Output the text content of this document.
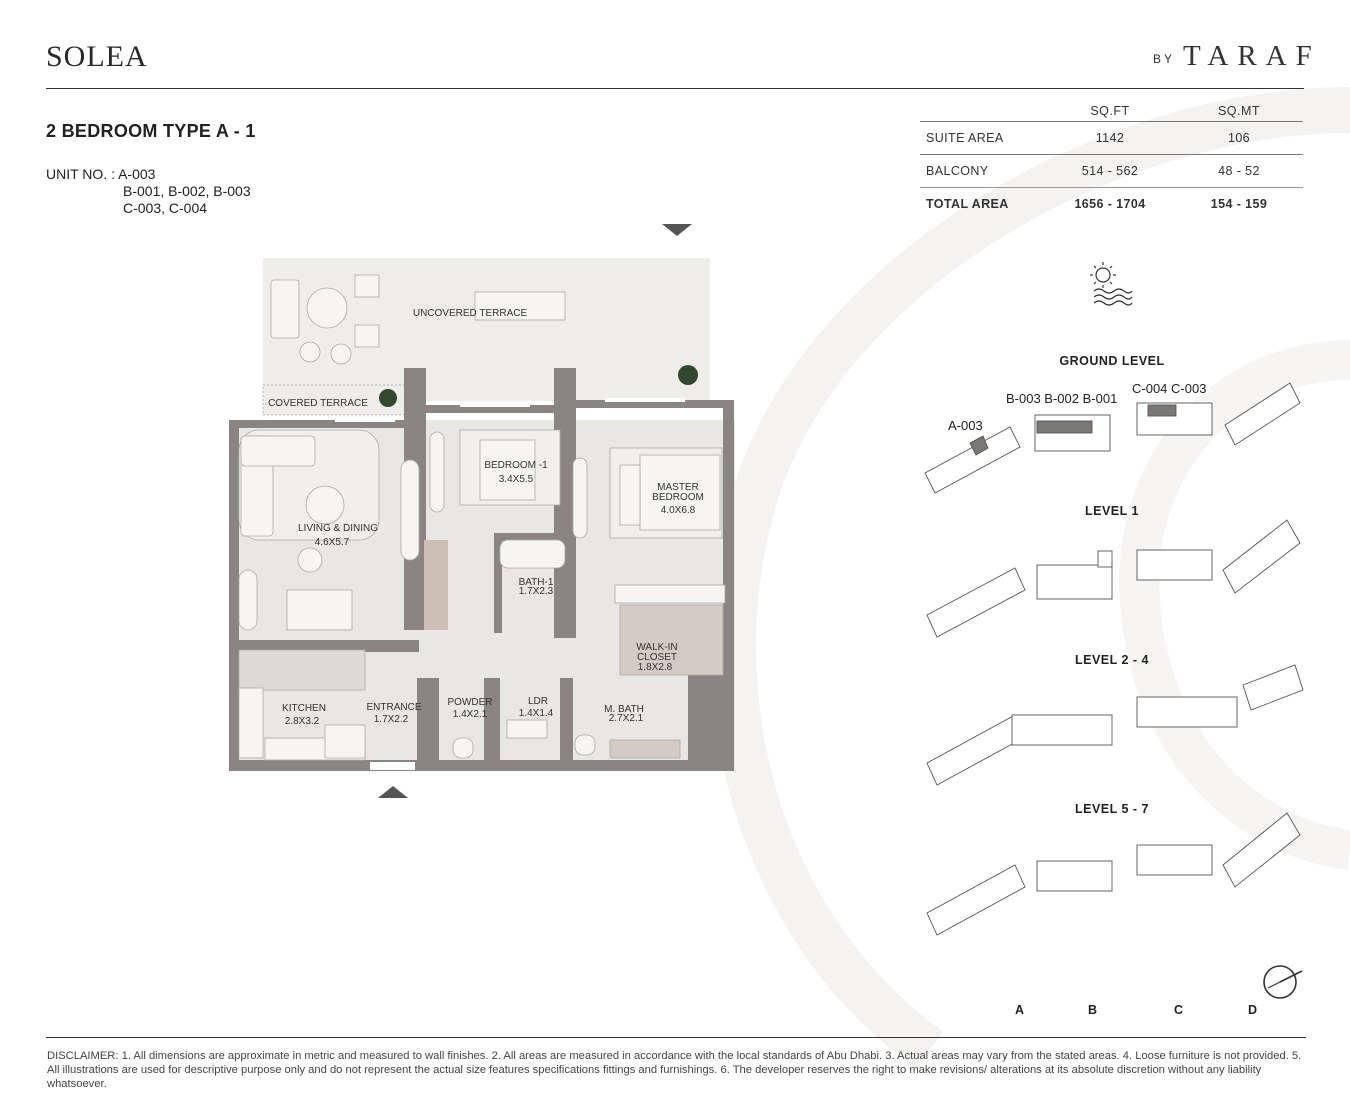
SOLEA	BY TARAF
2 BEDROOM TYPE A - 1
UNIT NO. : A-003
B-001, B-002, B-003
C-003, C-004
	SQ.FT	SQ.MT
SUITE AREA	1142	106
BALCONY	514 - 562	48 - 52
TOTAL AREA	1656 - 1704	154 - 159
GROUND LEVEL
LEVEL 1
LEVEL 2 - 4
LEVEL 5 - 7
A-003
B-003 B-002 B-001
C-004 C-003
A	B	C	D
UNCOVERED TERRACE
COVERED TERRACE
BEDROOM -1
3.4X5.5
MASTER
BEDROOM
4.0X6.8
LIVING & DINING
4.6X5.7
BATH-1
1.7X2.3
WALK-IN
CLOSET
1.8X2.8
KITCHEN
2.8X3.2
ENTRANCE
1.7X2.2
POWDER
1.4X2.1
LDR
1.4X1.4	M. BATH
2.7X2.1
DISCLAIMER: 1. All dimensions are approximate in metric and measured to wall finishes. 2. All areas are measured in accordance with the local standards of Abu Dhabi. 3. Actual areas may vary from the stated areas. 4. Loose furniture is not provided. 5. All illustrations are used for descriptive purpose only and do not represent the actual size features specifications fittings and furnishings. 6. The developer reserves the right to make revisions/ alterations at its absolute discretion without any liability whatsoever.
